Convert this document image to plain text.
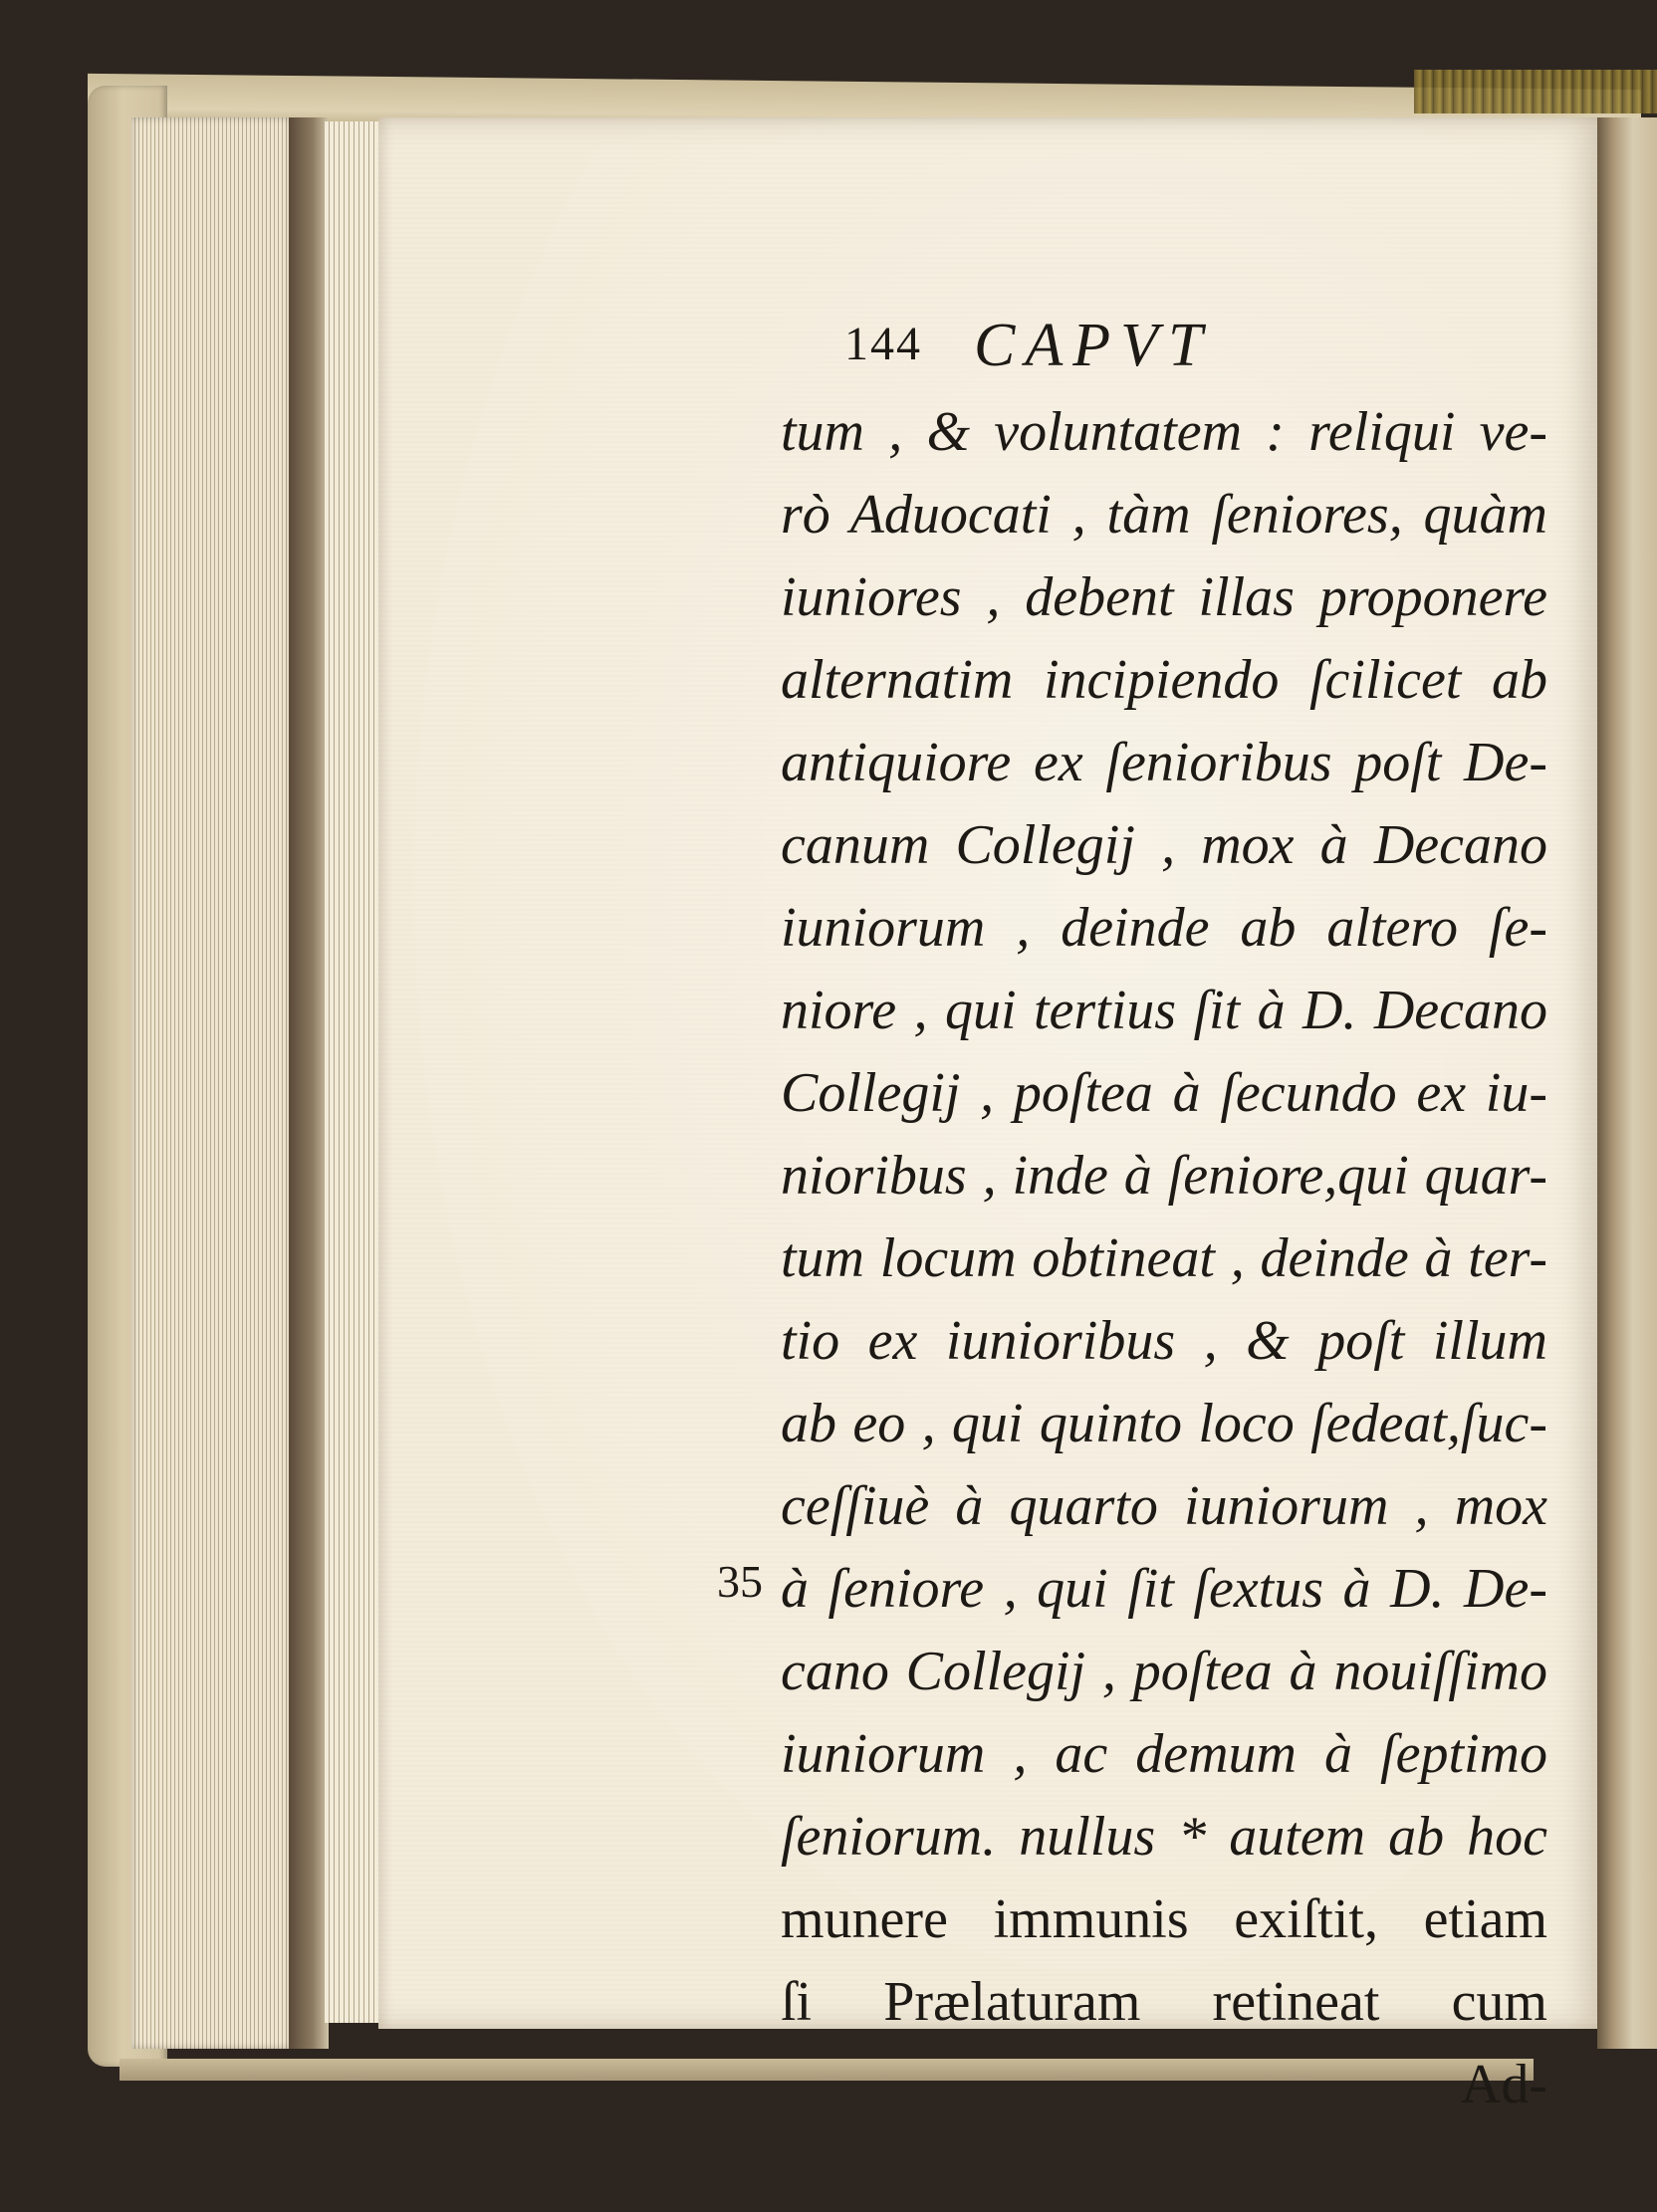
144 CAPVT
tum , & voluntatem : reliqui ve-
rò Aduocati , tàm ſeniores, quàm
iuniores , debent illas proponere
alternatim incipiendo ſcilicet ab
antiquiore ex ſenioribus poſt De-
canum Collegij , mox à Decano
iuniorum , deinde ab altero ſe-
niore , qui tertius ſit à D. Decano
Collegij , poſtea à ſecundo ex iu-
nioribus , inde à ſeniore,qui quar-
tum locum obtineat , deinde à ter-
tio ex iunioribus , & poſt illum
ab eo , qui quinto loco ſedeat,ſuc-
ceſſiuè à quarto iuniorum , mox
à ſeniore , qui ſit ſextus à D. De-
cano Collegij , poſtea à nouiſſimo
iuniorum , ac demum à ſeptimo
ſeniorum. nullus * autem ab hoc
munere immunis exiſtit, etiam
ſi Prælaturam retineat cum
Ad-
35
